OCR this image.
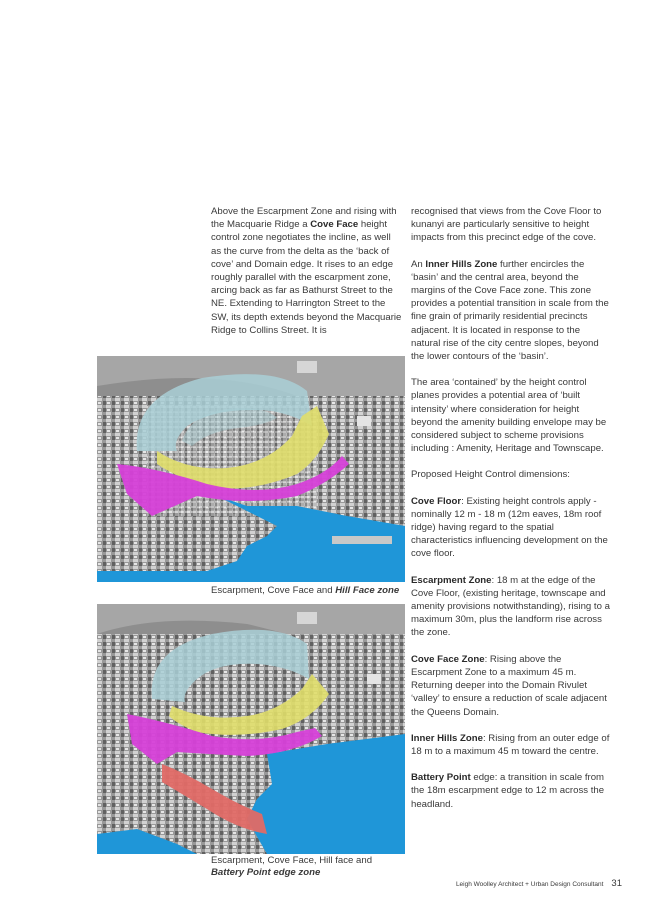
Above the Escarpment Zone and rising with the Macquarie Ridge a Cove Face height control zone negotiates the incline, as well as the curve from the delta as the ‘back of cove’ and Domain edge. It rises to an edge roughly parallel with the escarpment zone, arcing back as far as Bathurst Street to the NE. Extending to Harrington Street to the SW, its depth extends beyond the Macquarie Ridge to Collins Street. It is

recognised that views from the Cove Floor to kunanyi are particularly sensitive to height impacts from this precinct edge of the cove.

An Inner Hills Zone further encircles the ‘basin’ and the central area, beyond the margins of the Cove Face zone. This zone provides a potential transition in scale from the fine grain of primarily residential precincts adjacent. It is located in response to the natural rise of the city centre slopes, beyond the lower contours of the ‘basin’.

The area ‘contained’ by the height control planes provides a potential area of ‘built intensity’ where consideration for height beyond the amenity building envelope may be considered subject to scheme provisions including : Amenity, Heritage and Townscape.

Proposed Height Control dimensions:

Cove Floor: Existing height controls apply - nominally 12 m - 18 m (12m eaves, 18m roof ridge) having regard to the spatial characteristics influencing development on the cove floor.

Escarpment Zone: 18 m at the edge of the Cove Floor, (existing heritage, townscape and amenity provisions notwithstanding), rising to a maximum 30m, plus the landform rise across the zone.

Cove Face Zone: Rising above the Escarpment Zone to a maximum 45 m. Returning deeper into the Domain Rivulet ‘valley’ to ensure a reduction of scale adjacent the Queens Domain.

Inner Hills Zone: Rising from an outer edge of 18 m to a maximum 45 m toward the centre.

Battery Point edge: a transition in scale from the 18m escarpment edge to 12 m across the headland.

Escarpment, Cove Face and Hill Face zone
Escarpment, Cove Face, Hill face and
Battery Point edge zone
Leigh Woolley Architect + Urban Design Consultant 31
